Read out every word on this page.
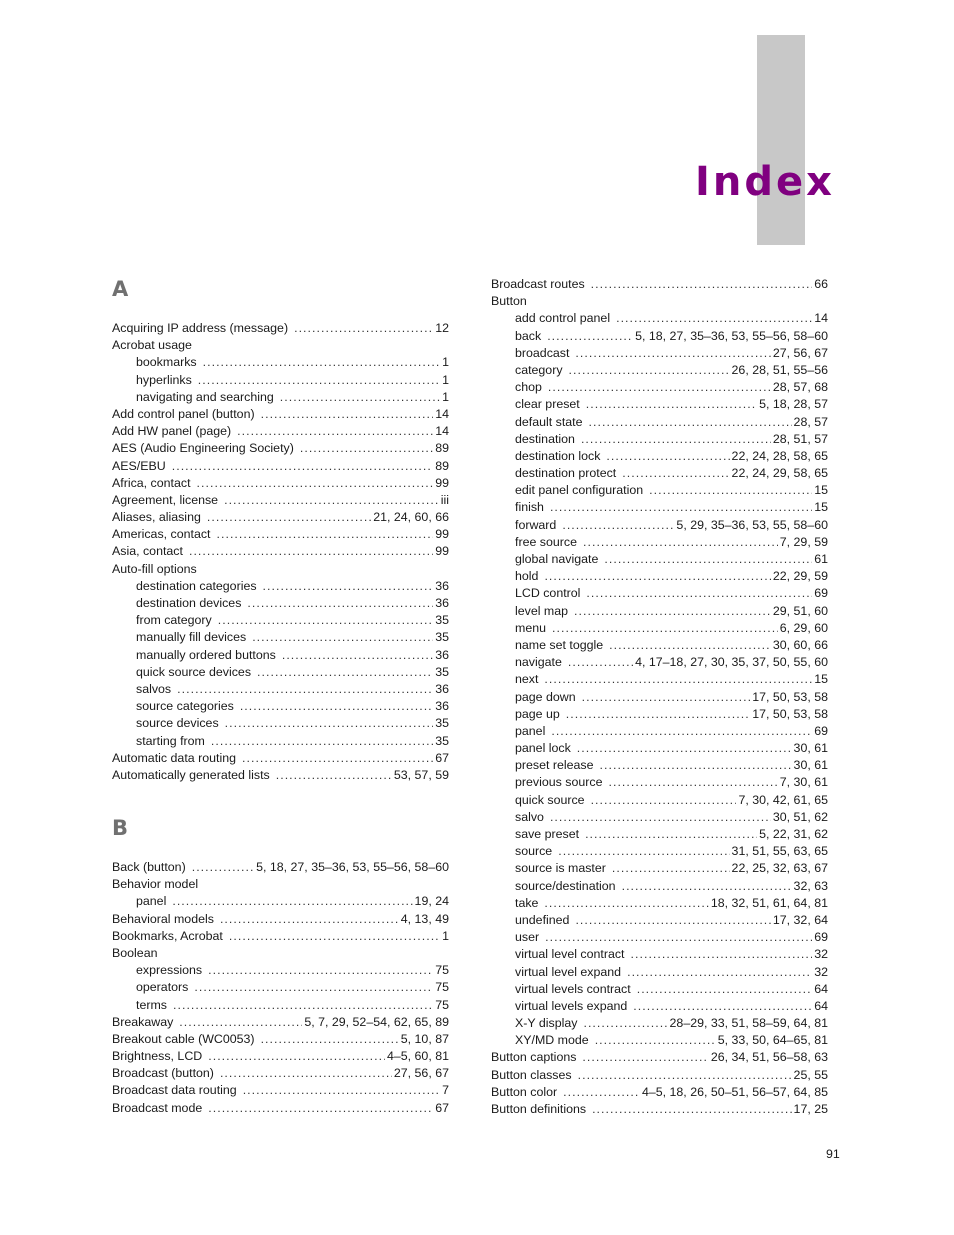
Index
A
Acquiring IP address (message) . . .	12
Acrobat usage
bookmarks . . .	1
hyperlinks . . .	1
navigating and searching . . .	1
Add control panel (button) . . .	14
Add HW panel (page) . . .	14
AES (Audio Engineering Society) . . .	89
AES/EBU . . .	89
Africa, contact . . .	99
Agreement, license . . .	iii
Aliases, aliasing . . .	21, 24, 60, 66
Americas, contact . . .	99
Asia, contact . . .	99
Auto-fill options
destination categories . . .	36
destination devices . . .	36
from category . . .	35
manually fill devices . . .	35
manually ordered buttons . . .	36
quick source devices . . .	35
salvos . . .	36
source categories . . .	36
source devices . . .	35
starting from . . .	35
Automatic data routing . . .	67
Automatically generated lists . . .	53, 57, 59
B
Back (button) . . .	5, 18, 27, 35–36, 53, 55–56, 58–60
Behavior model
panel . . .	19, 24
Behavioral models . . .	4, 13, 49
Bookmarks, Acrobat . . .	1
Boolean
expressions . . .	75
operators . . .	75
terms . . .	75
Breakaway . . .	5, 7, 29, 52–54, 62, 65, 89
Breakout cable (WC0053) . . .	5, 10, 87
Brightness, LCD . . .	4–5, 60, 81
Broadcast (button) . . .	27, 56, 67
Broadcast data routing . . .	7
Broadcast mode . . .	67
Broadcast routes . . .	66
Button
add control panel . . .	14
back . . .	5, 18, 27, 35–36, 53, 55–56, 58–60
broadcast . . .	27, 56, 67
category . . .	26, 28, 51, 55–56
chop . . .	28, 57, 68
clear preset . . .	5, 18, 28, 57
default state . . .	28, 57
destination . . .	28, 51, 57
destination lock . . .	22, 24, 28, 58, 65
destination protect . . .	22, 24, 29, 58, 65
edit panel configuration . . .	15
finish . . .	15
forward . . .	5, 29, 35–36, 53, 55, 58–60
free source . . .	7, 29, 59
global navigate . . .	61
hold . . .	22, 29, 59
LCD control . . .	69
level map . . .	29, 51, 60
menu . . .	6, 29, 60
name set toggle . . .	30, 60, 66
navigate . . .	4, 17–18, 27, 30, 35, 37, 50, 55, 60
next . . .	15
page down . . .	17, 50, 53, 58
page up . . .	17, 50, 53, 58
panel . . .	69
panel lock . . .	30, 61
preset release . . .	30, 61
previous source . . .	7, 30, 61
quick source . . .	7, 30, 42, 61, 65
salvo . . .	30, 51, 62
save preset . . .	5, 22, 31, 62
source . . .	31, 51, 55, 63, 65
source is master . . .	22, 25, 32, 63, 67
source/destination . . .	32, 63
take . . .	18, 32, 51, 61, 64, 81
undefined . . .	17, 32, 64
user . . .	69
virtual level contract . . .	32
virtual level expand . . .	32
virtual levels contract . . .	64
virtual levels expand . . .	64
X-Y display . . .	28–29, 33, 51, 58–59, 64, 81
XY/MD mode . . .	5, 33, 50, 64–65, 81
Button captions . . .	26, 34, 51, 56–58, 63
Button classes . . .	25, 55
Button color . . .	4–5, 18, 26, 50–51, 56–57, 64, 85
Button definitions . . .	17, 25
91
